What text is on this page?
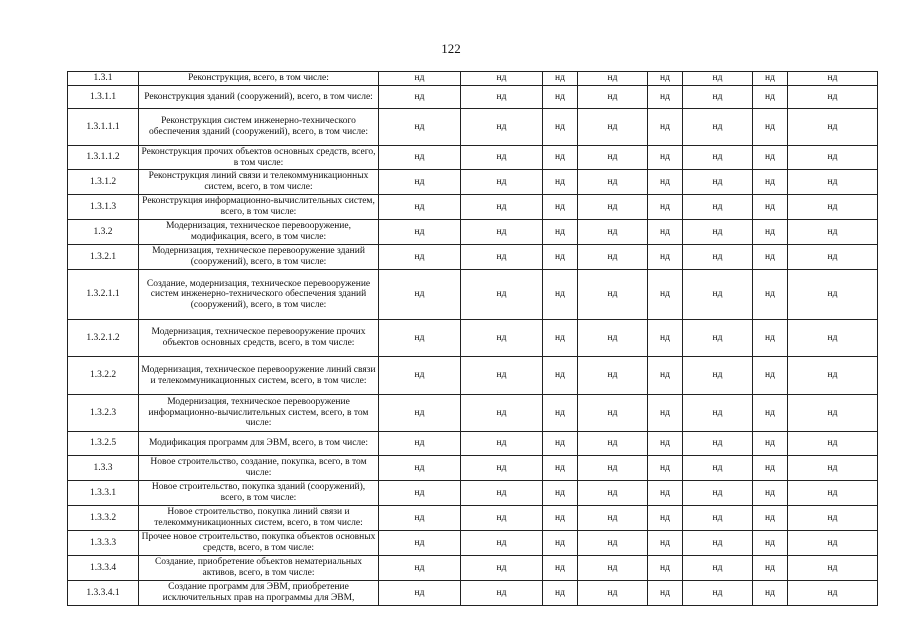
122
1.3.1	Реконструкция, всего, в том числе:	нд	нд	нд	нд	нд	нд	нд	нд
1.3.1.1	Реконструкция зданий (сооружений), всего, в том числе:	нд	нд	нд	нд	нд	нд	нд	нд
1.3.1.1.1	Реконструкция систем инженерно-технического обеспечения зданий (сооружений), всего, в том числе:	нд	нд	нд	нд	нд	нд	нд	нд
1.3.1.1.2	Реконструкция прочих объектов основных средств, всего, в том числе:	нд	нд	нд	нд	нд	нд	нд	нд
1.3.1.2	Реконструкция линий связи и телекоммуникационных систем, всего, в том числе:	нд	нд	нд	нд	нд	нд	нд	нд
1.3.1.3	Реконструкция информационно-вычислительных систем, всего, в том числе:	нд	нд	нд	нд	нд	нд	нд	нд
1.3.2	Модернизация, техническое перевооружение, модификация, всего, в том числе:	нд	нд	нд	нд	нд	нд	нд	нд
1.3.2.1	Модернизация, техническое перевооружение зданий (сооружений), всего, в том числе:	нд	нд	нд	нд	нд	нд	нд	нд
1.3.2.1.1	Создание, модернизация, техническое перевооружение систем инженерно-технического обеспечения зданий (сооружений), всего, в том числе:	нд	нд	нд	нд	нд	нд	нд	нд
1.3.2.1.2	Модернизация, техническое перевооружение прочих объектов основных средств, всего, в том числе:	нд	нд	нд	нд	нд	нд	нд	нд
1.3.2.2	Модернизация, техническое перевооружение линий связи и телекоммуникационных систем, всего, в том числе:	нд	нд	нд	нд	нд	нд	нд	нд
1.3.2.3	Модернизация, техническое перевооружение информационно-вычислительных систем, всего, в том числе:	нд	нд	нд	нд	нд	нд	нд	нд
1.3.2.5	Модификация программ для ЭВМ, всего, в том числе:	нд	нд	нд	нд	нд	нд	нд	нд
1.3.3	Новое строительство, создание, покупка, всего, в том числе:	нд	нд	нд	нд	нд	нд	нд	нд
1.3.3.1	Новое строительство, покупка зданий (сооружений), всего, в том числе:	нд	нд	нд	нд	нд	нд	нд	нд
1.3.3.2	Новое строительство, покупка линий связи и телекоммуникационных систем, всего, в том числе:	нд	нд	нд	нд	нд	нд	нд	нд
1.3.3.3	Прочее новое строительство, покупка объектов основных средств, всего, в том числе:	нд	нд	нд	нд	нд	нд	нд	нд
1.3.3.4	Создание, приобретение объектов нематериальных активов, всего, в том числе:	нд	нд	нд	нд	нд	нд	нд	нд
1.3.3.4.1	Создание программ для ЭВМ, приобретение исключительных прав на программы для ЭВМ,	нд	нд	нд	нд	нд	нд	нд	нд
